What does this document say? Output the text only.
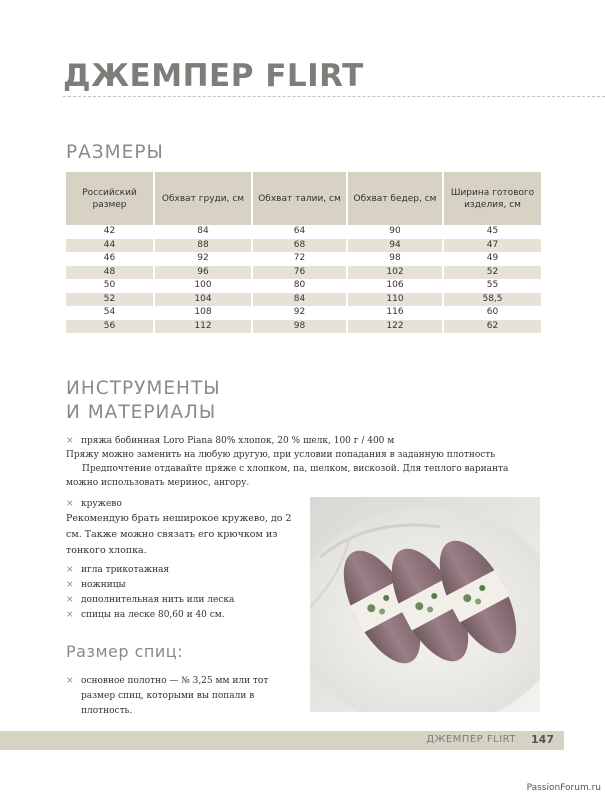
ДЖЕМПЕР FLIRT
РАЗМЕРЫ
Российский размер	Обхват груди, см	Обхват талии, см	Обхват бедер, см	Ширина готового изделия, см
42	84	64	90	45
44	88	68	94	47
46	92	72	98	49
48	96	76	102	52
50	100	80	106	55
52	104	84	110	58,5
54	108	92	116	60
56	112	98	122	62
ИНСТРУМЕНТЫ
И МАТЕРИАЛЫ
× пряжа бобинная Loro Piana 80% хлопок, 20 % шелк, 100 г / 400 м
Пряжу можно заменить на любую другую, при условии попадания в заданную плотность
Предпочтение отдавайте пряже с хлопком, па, шелком, вискозой. Для теплого варианта можно использовать меринос, ангору.
× кружево
Рекомендую брать неширокое кружево, до 2 см. Также можно связать его крючком из тонкого хлопка.
× игла трикотажная
× ножницы
× дополнительная нить или леска
× спицы на леске 80,60 и 40 см.
Размер спиц:
× основное полотно — № 3,25 мм или тот размер спиц, которыми вы попали в плотность.
ДЖЕМПЕР FLIRT 147
PassionForum.ru
